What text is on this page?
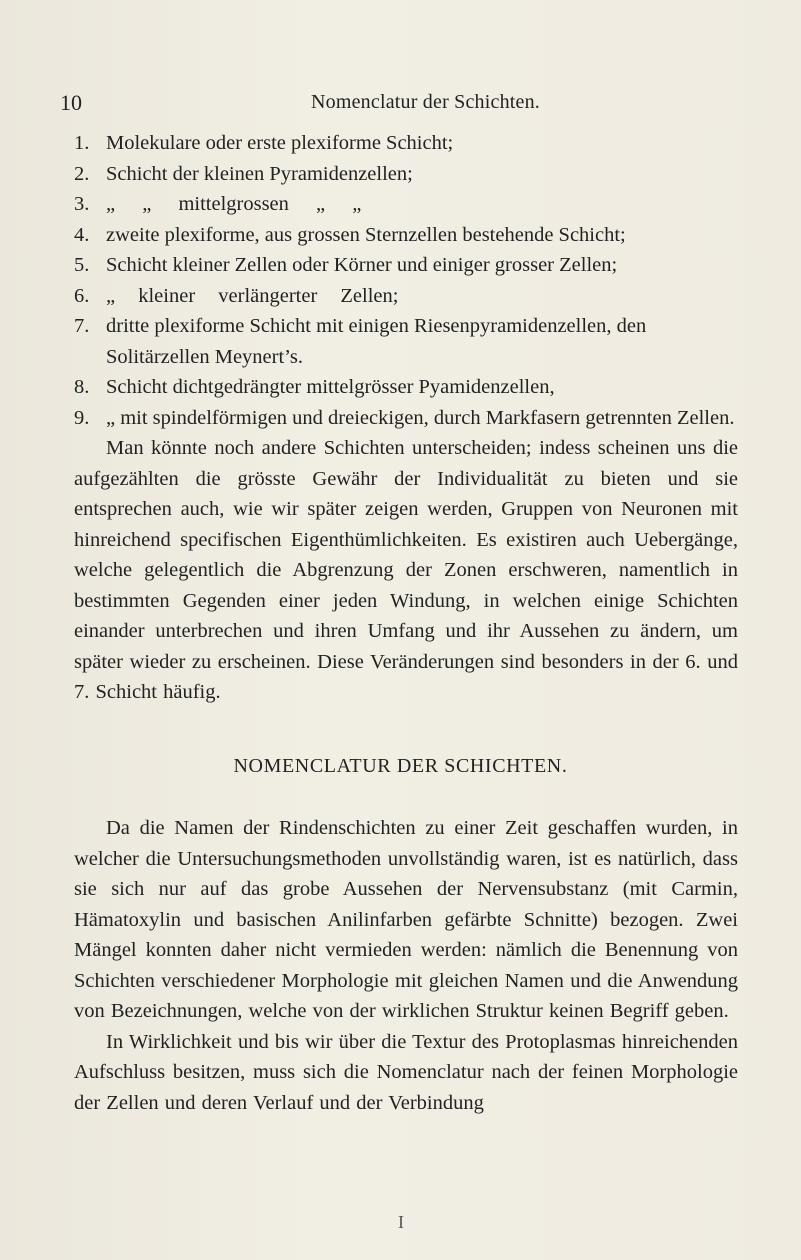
10	Nomenclatur der Schichten.
1. Molekulare oder erste plexiforme Schicht;
2. Schicht der kleinen Pyramidenzellen;
3. „ „ mittelgrossen „ „
4. zweite plexiforme, aus grossen Sternzellen bestehende Schicht;
5. Schicht kleiner Zellen oder Körner und einiger grosser Zellen;
6. „ kleiner verlängerter Zellen;
7. dritte plexiforme Schicht mit einigen Riesenpyramidenzellen, den Solitärzellen Meynert’s.
8. Schicht dichtgedrängter mittelgrösser Pyamidenzellen,
9. „ mit spindelförmigen und dreieckigen, durch Markfasern getrennten Zellen.

Man könnte noch andere Schichten unterscheiden; indess scheinen uns die aufgezählten die grösste Gewähr der Individualität zu bieten und sie entsprechen auch, wie wir später zeigen werden, Gruppen von Neuronen mit hinreichend specifischen Eigenthümlichkeiten. Es existiren auch Uebergänge, welche gelegentlich die Abgrenzung der Zonen erschweren, namentlich in bestimmten Gegenden einer jeden Windung, in welchen einige Schichten einander unterbrechen und ihren Umfang und ihr Aussehen zu ändern, um später wieder zu erscheinen. Diese Veränderungen sind besonders in der 6. und 7. Schicht häufig.

NOMENCLATUR DER SCHICHTEN.

Da die Namen der Rindenschichten zu einer Zeit geschaffen wurden, in welcher die Untersuchungsmethoden unvollständig waren, ist es natürlich, dass sie sich nur auf das grobe Aussehen der Nervensubstanz (mit Carmin, Hämatoxylin und basischen Anilinfarben gefärbte Schnitte) bezogen. Zwei Mängel konnten daher nicht vermieden werden: nämlich die Benennung von Schichten verschiedener Morphologie mit gleichen Namen und die Anwendung von Bezeichnungen, welche von der wirklichen Struktur keinen Begriff geben.

In Wirklichkeit und bis wir über die Textur des Protoplasmas hinreichenden Aufschluss besitzen, muss sich die Nomenclatur nach der feinen Morphologie der Zellen und deren Verlauf und der Verbindung

I
